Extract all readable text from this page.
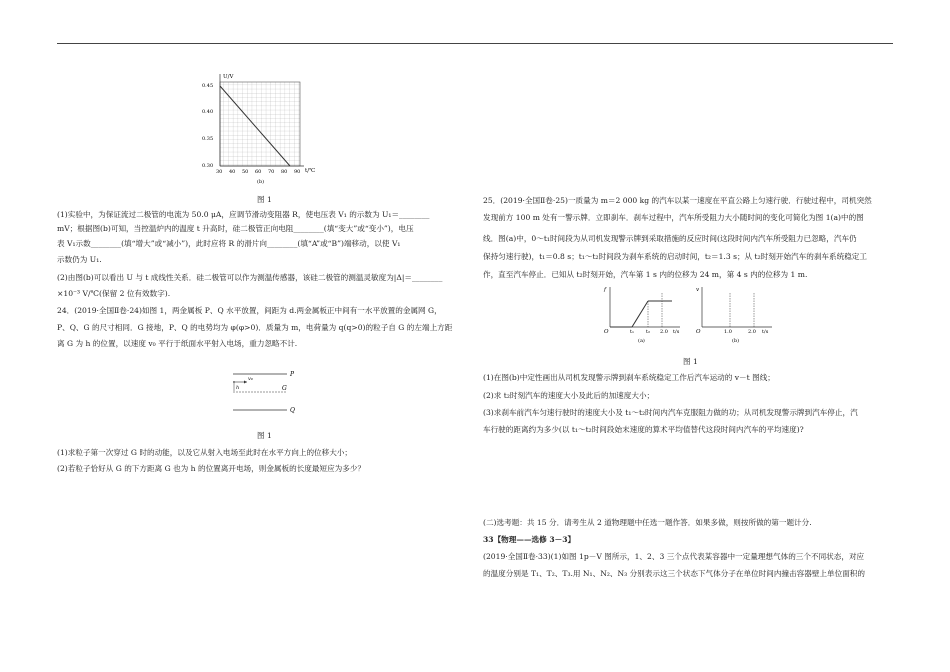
U/V
t/℃
0.45
0.40
0.35
0.30
30 40 50 60 70 80 90
(b)
图 1
(1)实验中，为保证流过二极管的电流为 50.0 μA，应调节滑动变阻器 R，使电压表 V₁ 的示数为 U₁＝________
mV；根据图(b)可知，当控温炉内的温度 t 升高时，硅二极管正向电阻________(填“变大”或“变小”)，电压
表 V₁示数________(填“增大”或“减小”)，此时应将 R 的滑片向________(填“A”或“B”)端移动，以使 V₁
示数仍为 U₁.
(2)由图(b)可以看出 U 与 t 成线性关系．硅二极管可以作为测温传感器，该硅二极管的测温灵敏度为|Δ|＝________
×10⁻³ V/℃(保留 2 位有效数字).
24．(2019·全国Ⅱ卷·24)如图 1，两金属板 P、Q 水平放置，间距为 d.两金属板正中间有一水平放置的金属网 G，
P、Q、G 的尺寸相同．G 接地，P、Q 的电势均为 φ(φ>0)．质量为 m，电荷量为 q(q>0)的粒子自 G 的左端上方距
离 G 为 h 的位置，以速度 v₀ 平行于纸面水平射入电场，重力忽略不计.
P
G
Q
v₀
h
图 1
(1)求粒子第一次穿过 G 时的动能，以及它从射入电场至此时在水平方向上的位移大小；
(2)若粒子恰好从 G 的下方距离 G 也为 h 的位置离开电场，则金属板的长度最短应为多少？
25．(2019·全国Ⅱ卷·25)一质量为 m＝2 000 kg 的汽车以某一速度在平直公路上匀速行驶．行驶过程中，司机突然
发现前方 100 m 处有一警示牌．立即刹车．刹车过程中，汽车所受阻力大小随时间的变化可简化为图 1(a)中的图
线．图(a)中，0～t₁时间段为从司机发现警示牌到采取措施的反应时间(这段时间内汽车所受阻力已忽略，汽车仍
保持匀速行驶)，t₁＝0.8 s；t₁～t₂时间段为刹车系统的启动时间，t₂＝1.3 s；从 t₂时刻开始汽车的刹车系统稳定工
作，直至汽车停止．已知从 t₂时刻开始，汽车第 1 s 内的位移为 24 m，第 4 s 内的位移为 1 m.
f
O	t₁ t₂ 2.0 t/s
(a)
v
O	1.0	2.0 t/s
(b)
图 1
(1)在图(b)中定性画出从司机发现警示牌到刹车系统稳定工作后汽车运动的 v－t 图线；
(2)求 t₂时刻汽车的速度大小及此后的加速度大小；
(3)求刹车前汽车匀速行驶时的速度大小及 t₁～t₂时间内汽车克服阻力做的功；从司机发现警示牌到汽车停止，汽
车行驶的距离约为多少(以 t₁～t₂时间段始末速度的算术平均值替代这段时间内汽车的平均速度)?
(二)选考题：共 15 分．请考生从 2 道物理题中任选一题作答．如果多做，则按所做的第一题计分.
33【物理——选修 3－3】
(2019·全国Ⅱ卷·33)(1)如图 1p－V 图所示，1、2、3 三个点代表某容器中一定量理想气体的三个不同状态，对应
的温度分别是 T₁、T₂、T₃.用 N₁、N₂、N₃ 分别表示这三个状态下气体分子在单位时间内撞击容器壁上单位面积的
